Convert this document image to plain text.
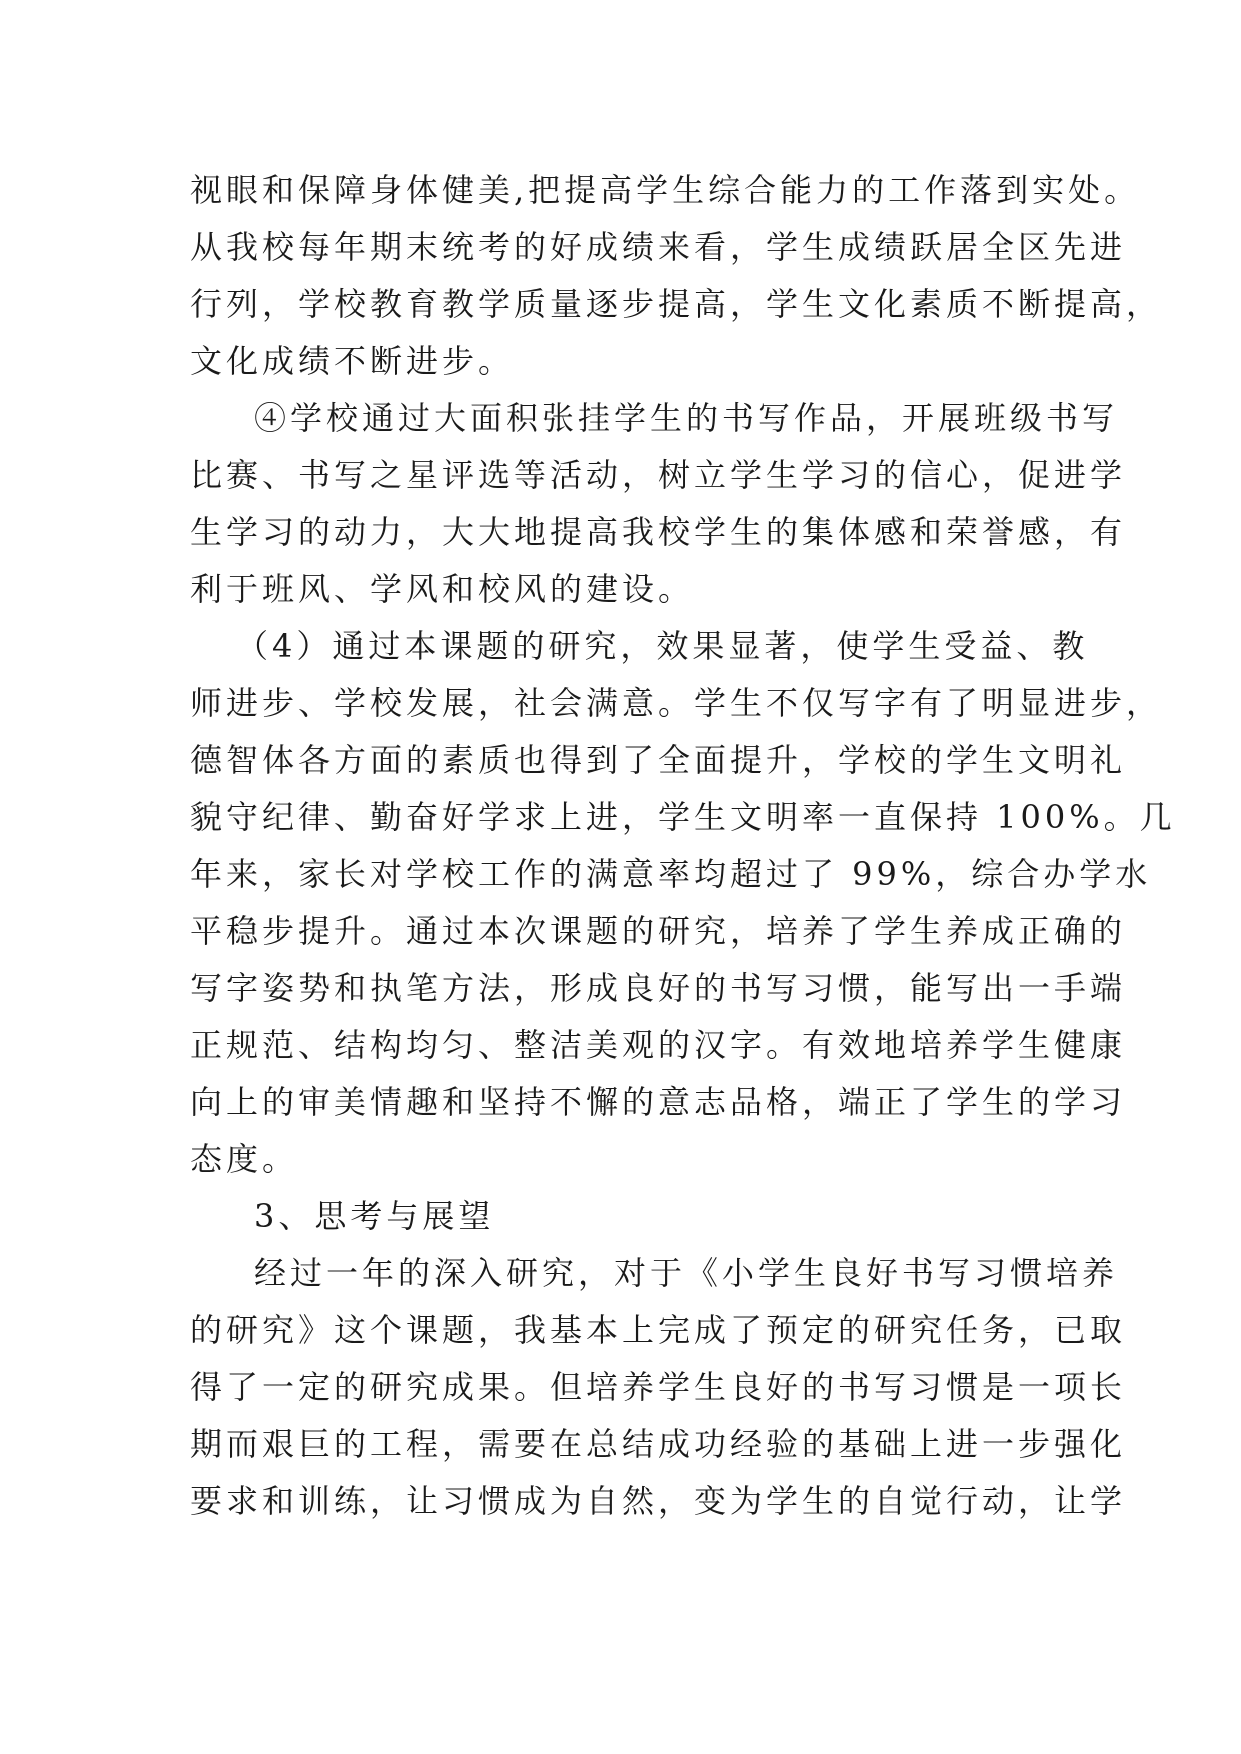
视眼和保障身体健美,把提高学生综合能力的工作落到实处。
从我校每年期末统考的好成绩来看，学生成绩跃居全区先进
行列，学校教育教学质量逐步提高，学生文化素质不断提高，
文化成绩不断进步。
④学校通过大面积张挂学生的书写作品，开展班级书写
比赛、书写之星评选等活动，树立学生学习的信心，促进学
生学习的动力，大大地提高我校学生的集体感和荣誉感，有
利于班风、学风和校风的建设。
（4）通过本课题的研究，效果显著，使学生受益、教
师进步、学校发展，社会满意。学生不仅写字有了明显进步，
德智体各方面的素质也得到了全面提升，学校的学生文明礼
貌守纪律、勤奋好学求上进，学生文明率一直保持 100%。几
年来，家长对学校工作的满意率均超过了 99%，综合办学水
平稳步提升。通过本次课题的研究，培养了学生养成正确的
写字姿势和执笔方法，形成良好的书写习惯，能写出一手端
正规范、结构均匀、整洁美观的汉字。有效地培养学生健康
向上的审美情趣和坚持不懈的意志品格，端正了学生的学习
态度。
3、思考与展望
经过一年的深入研究，对于《小学生良好书写习惯培养
的研究》这个课题，我基本上完成了预定的研究任务，已取
得了一定的研究成果。但培养学生良好的书写习惯是一项长
期而艰巨的工程，需要在总结成功经验的基础上进一步强化
要求和训练，让习惯成为自然，变为学生的自觉行动，让学
